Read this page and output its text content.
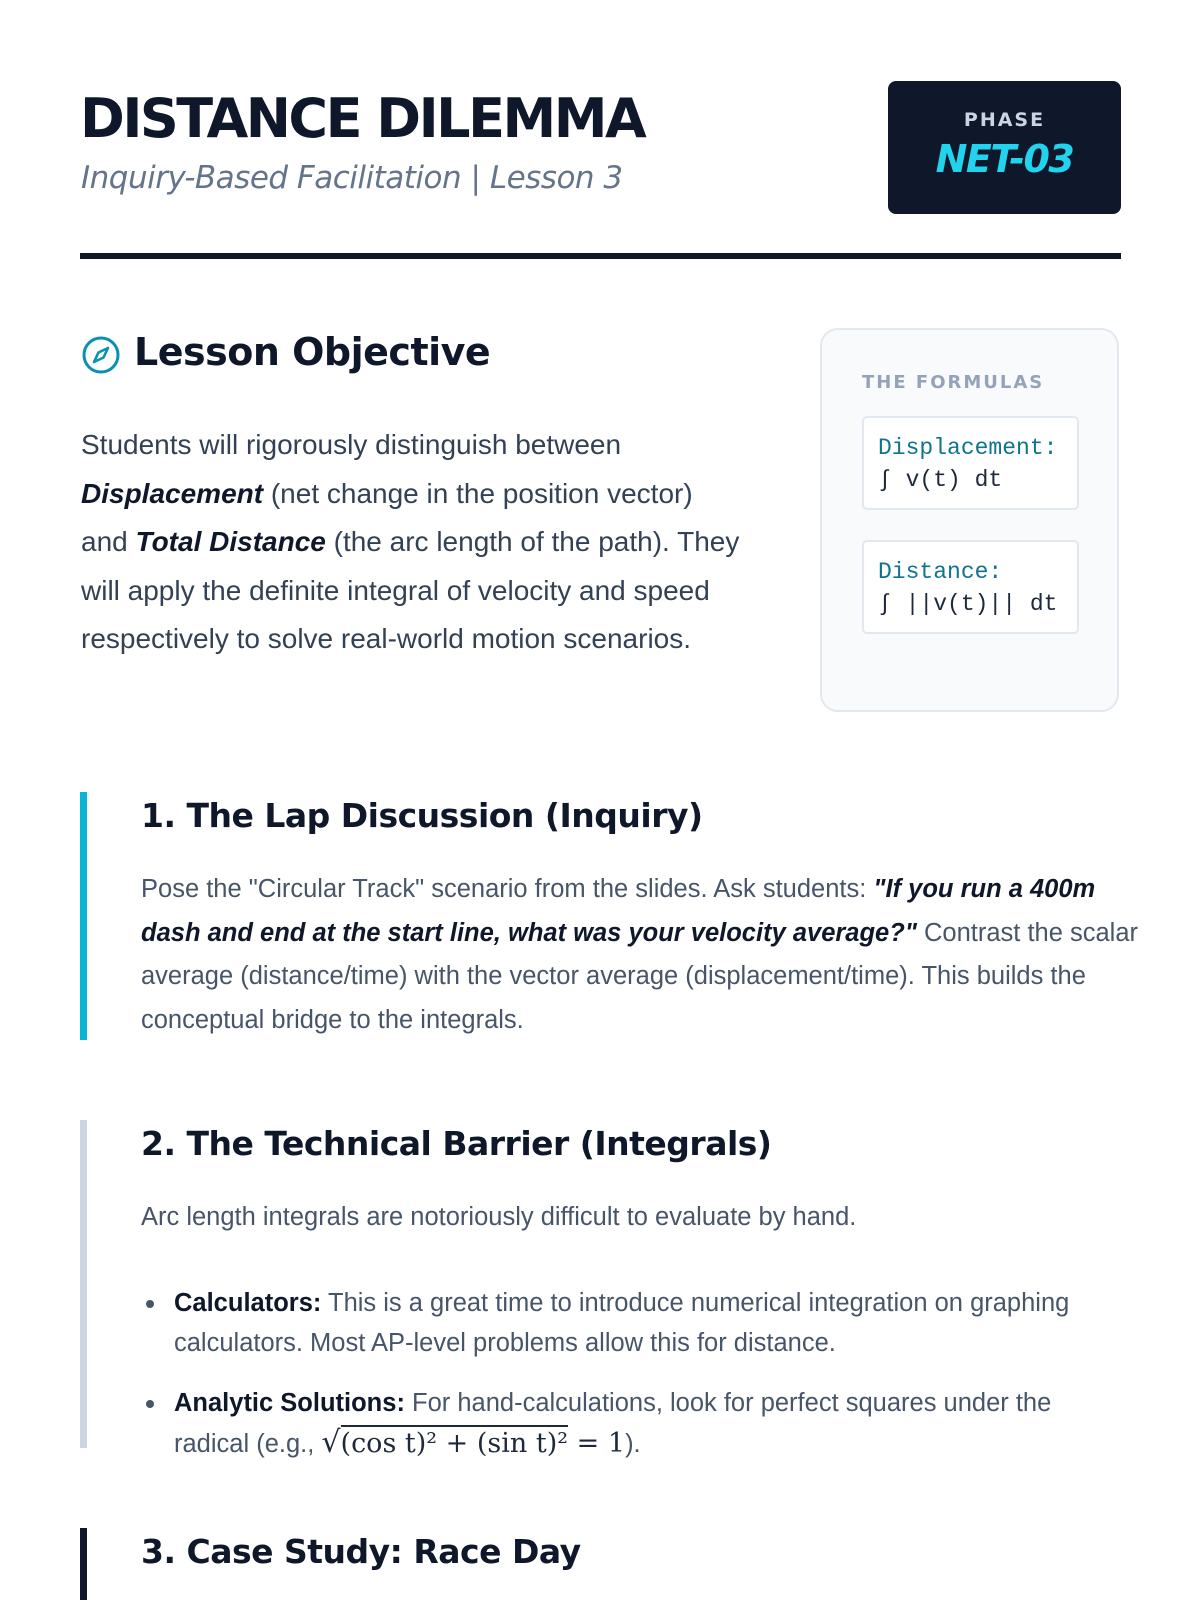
DISTANCE DILEMMA
Inquiry-Based Facilitation | Lesson 3
PHASE
NET-03
Lesson Objective

Students will rigorously distinguish between Displacement (net change in the position vector) and Total Distance (the arc length of the path). They will apply the definite integral of velocity and speed respectively to solve real-world motion scenarios.

THE FORMULAS
Displacement:
∫ v(t) dt
Distance:
∫ ||v(t)|| dt
1. The Lap Discussion (Inquiry)

Pose the "Circular Track" scenario from the slides. Ask students: "If you run a 400m dash and end at the start line, what was your velocity average?" Contrast the scalar average (distance/time) with the vector average (displacement/time). This builds the conceptual bridge to the integrals.

2. The Technical Barrier (Integrals)

Arc length integrals are notoriously difficult to evaluate by hand.

Calculators: This is a great time to introduce numerical integration on graphing calculators. Most AP-level problems allow this for distance.
Analytic Solutions: For hand-calculations, look for perfect squares under the radical (e.g., √(cos t)² + (sin t)² = 1).
3. Case Study: Race Day
